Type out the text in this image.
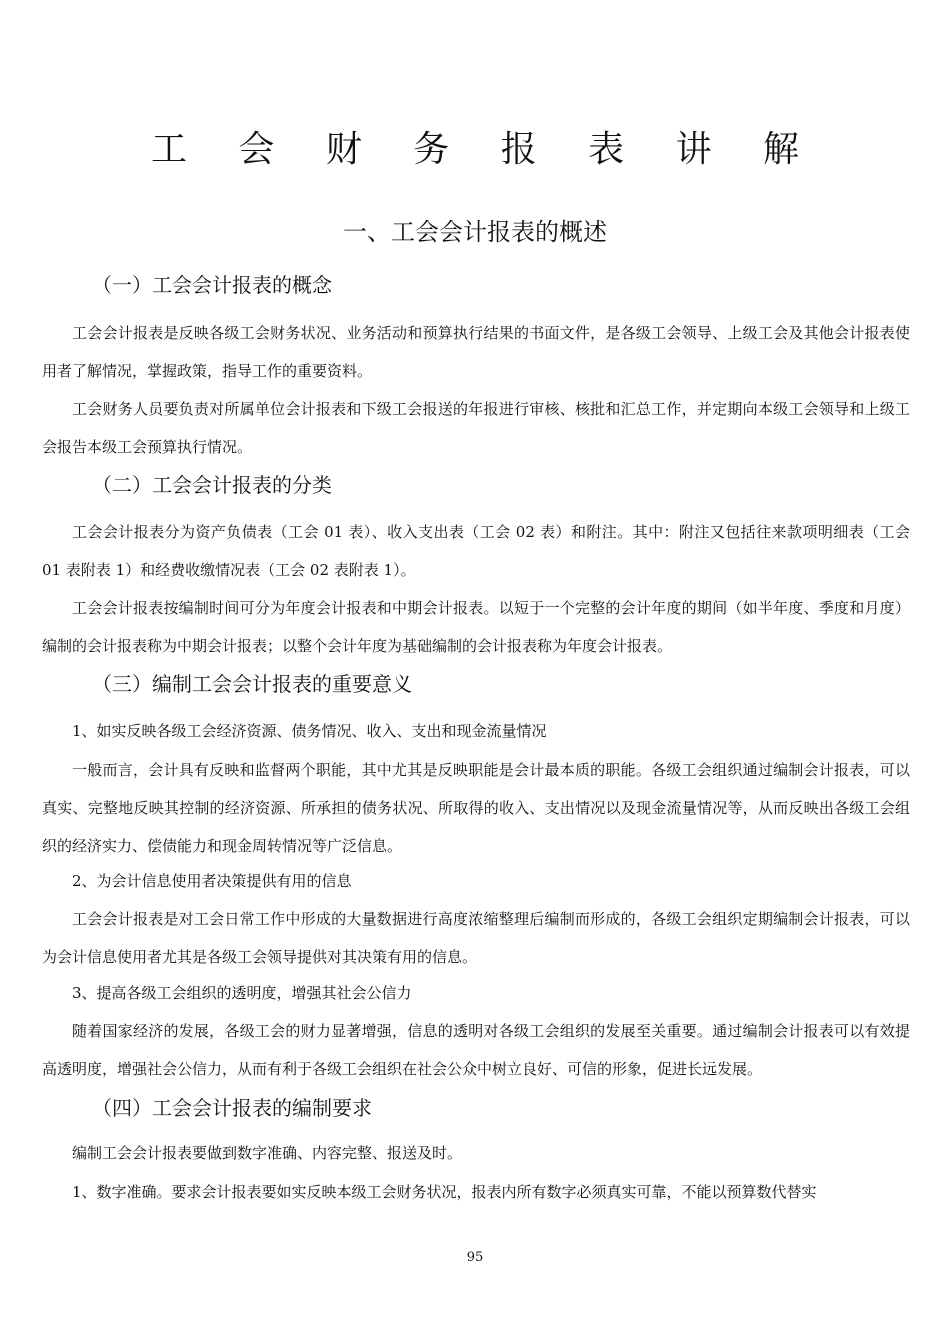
工 会 财 务 报 表 讲 解
一、工会会计报表的概述
（一）工会会计报表的概念

工会会计报表是反映各级工会财务状况、业务活动和预算执行结果的书面文件，是各级工会领导、上级工会及其他会计报表使用者了解情况，掌握政策，指导工作的重要资料。

工会财务人员要负责对所属单位会计报表和下级工会报送的年报进行审核、核批和汇总工作，并定期向本级工会领导和上级工会报告本级工会预算执行情况。

（二）工会会计报表的分类

工会会计报表分为资产负债表（工会 01 表）、收入支出表（工会 02 表）和附注。其中：附注又包括往来款项明细表（工会 01 表附表 1）和经费收缴情况表（工会 02 表附表 1）。

工会会计报表按编制时间可分为年度会计报表和中期会计报表。以短于一个完整的会计年度的期间（如半年度、季度和月度）编制的会计报表称为中期会计报表；以整个会计年度为基础编制的会计报表称为年度会计报表。

（三）编制工会会计报表的重要意义
1、如实反映各级工会经济资源、债务情况、收入、支出和现金流量情况

一般而言，会计具有反映和监督两个职能，其中尤其是反映职能是会计最本质的职能。各级工会组织通过编制会计报表，可以真实、完整地反映其控制的经济资源、所承担的债务状况、所取得的收入、支出情况以及现金流量情况等，从而反映出各级工会组织的经济实力、偿债能力和现金周转情况等广泛信息。

2、为会计信息使用者决策提供有用的信息

工会会计报表是对工会日常工作中形成的大量数据进行高度浓缩整理后编制而形成的，各级工会组织定期编制会计报表，可以为会计信息使用者尤其是各级工会领导提供对其决策有用的信息。

3、提高各级工会组织的透明度，增强其社会公信力

随着国家经济的发展，各级工会的财力显著增强，信息的透明对各级工会组织的发展至关重要。通过编制会计报表可以有效提高透明度，增强社会公信力，从而有利于各级工会组织在社会公众中树立良好、可信的形象，促进长远发展。

（四）工会会计报表的编制要求
编制工会会计报表要做到数字准确、内容完整、报送及时。
1、数字准确。要求会计报表要如实反映本级工会财务状况，报表内所有数字必须真实可靠，不能以预算数代替实
95
